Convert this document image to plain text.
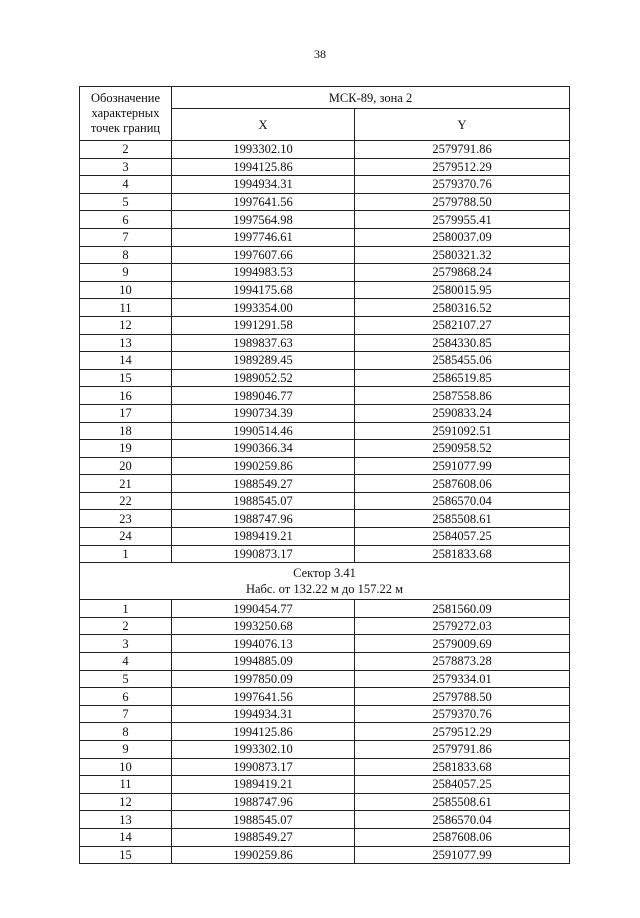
38
Обозначение характерных точек границ	МСК-89, зона 2	
	X	Y
2	1993302.10	2579791.86
3	1994125.86	2579512.29
4	1994934.31	2579370.76
5	1997641.56	2579788.50
6	1997564.98	2579955.41
7	1997746.61	2580037.09
8	1997607.66	2580321.32
9	1994983.53	2579868.24
10	1994175.68	2580015.95
11	1993354.00	2580316.52
12	1991291.58	2582107.27
13	1989837.63	2584330.85
14	1989289.45	2585455.06
15	1989052.52	2586519.85
16	1989046.77	2587558.86
17	1990734.39	2590833.24
18	1990514.46	2591092.51
19	1990366.34	2590958.52
20	1990259.86	2591077.99
21	1988549.27	2587608.06
22	1988545.07	2586570.04
23	1988747.96	2585508.61
24	1989419.21	2584057.25
1	1990873.17	2581833.68

Сектор 3.41
Набс. от 132.22 м до 157.22 м		

1	1990454.77	2581560.09
2	1993250.68	2579272.03
3	1994076.13	2579009.69
4	1994885.09	2578873.28
5	1997850.09	2579334.01
6	1997641.56	2579788.50
7	1994934.31	2579370.76
8	1994125.86	2579512.29
9	1993302.10	2579791.86
10	1990873.17	2581833.68
11	1989419.21	2584057.25
12	1988747.96	2585508.61
13	1988545.07	2586570.04
14	1988549.27	2587608.06
15	1990259.86	2591077.99
